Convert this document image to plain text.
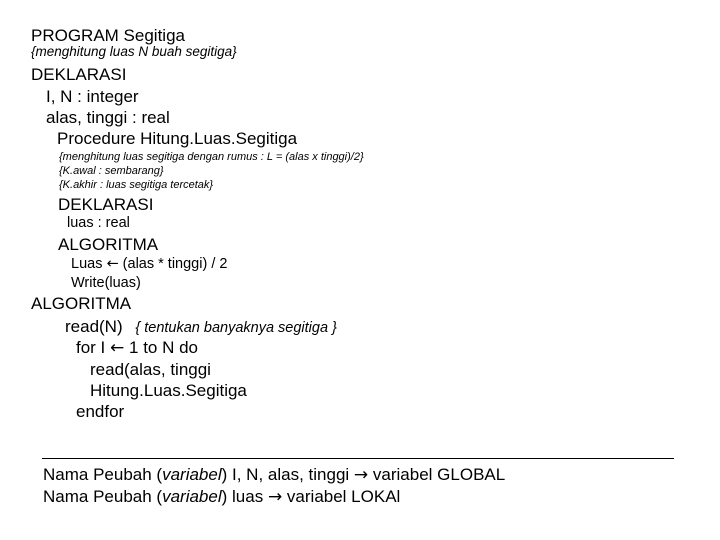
PROGRAM Segitiga
{menghitung luas N buah segitiga}
DEKLARASI
I, N : integer
alas, tinggi : real
Procedure Hitung.Luas.Segitiga
{menghitung luas segitiga dengan rumus : L = (alas x tinggi)/2}
{K.awal : sembarang}
{K.akhir : luas segitiga tercetak}
DEKLARASI
luas : real
ALGORITMA
Luas ← (alas * tinggi) / 2
Write(luas)
ALGORITMA
read(N) { tentukan banyaknya segitiga }
for I ← 1 to N do
read(alas, tinggi
Hitung.Luas.Segitiga
endfor
Nama Peubah (variabel) I, N, alas, tinggi → variabel GLOBAL
Nama Peubah (variabel) luas → variabel LOKAl
